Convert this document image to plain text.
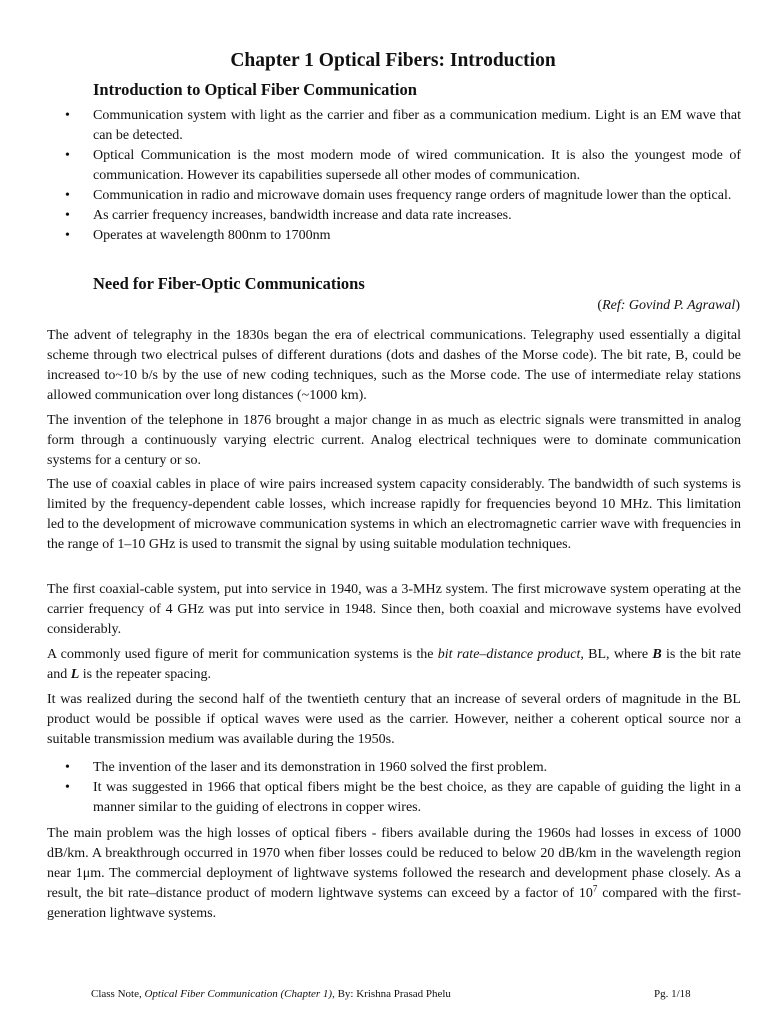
Chapter 1 Optical Fibers: Introduction
Introduction to Optical Fiber Communication
• Communication system with light as the carrier and fiber as a communication medium. Light is an EM wave that can be detected.
• Optical Communication is the most modern mode of wired communication. It is also the youngest mode of communication. However its capabilities supersede all other modes of communication.
• Communication in radio and microwave domain uses frequency range orders of magnitude lower than the optical.
• As carrier frequency increases, bandwidth increase and data rate increases.
• Operates at wavelength 800nm to 1700nm
Need for Fiber-Optic Communications
(Ref: Govind P. Agrawal)

The advent of telegraphy in the 1830s began the era of electrical communications. Telegraphy used essentially a digital scheme through two electrical pulses of different durations (dots and dashes of the Morse code). The bit rate, B, could be increased to~10 b/s by the use of new coding techniques, such as the Morse code. The use of intermediate relay stations allowed communication over long distances (~1000 km).

The invention of the telephone in 1876 brought a major change in as much as electric signals were transmitted in analog form through a continuously varying electric current. Analog electrical techniques were to dominate communication systems for a century or so.

The use of coaxial cables in place of wire pairs increased system capacity considerably. The bandwidth of such systems is limited by the frequency-dependent cable losses, which increase rapidly for frequencies beyond 10 MHz. This limitation led to the development of microwave communication systems in which an electromagnetic carrier wave with frequencies in the range of 1–10 GHz is used to transmit the signal by using suitable modulation techniques.

The first coaxial-cable system, put into service in 1940, was a 3-MHz system. The first microwave system operating at the carrier frequency of 4 GHz was put into service in 1948. Since then, both coaxial and microwave systems have evolved considerably.

A commonly used figure of merit for communication systems is the bit rate–distance product, BL, where B is the bit rate and L is the repeater spacing.

It was realized during the second half of the twentieth century that an increase of several orders of magnitude in the BL product would be possible if optical waves were used as the carrier. However, neither a coherent optical source nor a suitable transmission medium was available during the 1950s.

• The invention of the laser and its demonstration in 1960 solved the first problem.
• It was suggested in 1966 that optical fibers might be the best choice, as they are capable of guiding the light in a manner similar to the guiding of electrons in copper wires.

The main problem was the high losses of optical fibers - fibers available during the 1960s had losses in excess of 1000 dB/km. A breakthrough occurred in 1970 when fiber losses could be reduced to below 20 dB/km in the wavelength region near 1μm. The commercial deployment of lightwave systems followed the research and development phase closely. As a result, the bit rate–distance product of modern lightwave systems can exceed by a factor of $10^7$ compared with the first-generation lightwave systems.

Class Note, Optical Fiber Communication (Chapter 1), By: Krishna Prasad Phelu	Pg. 1/18
